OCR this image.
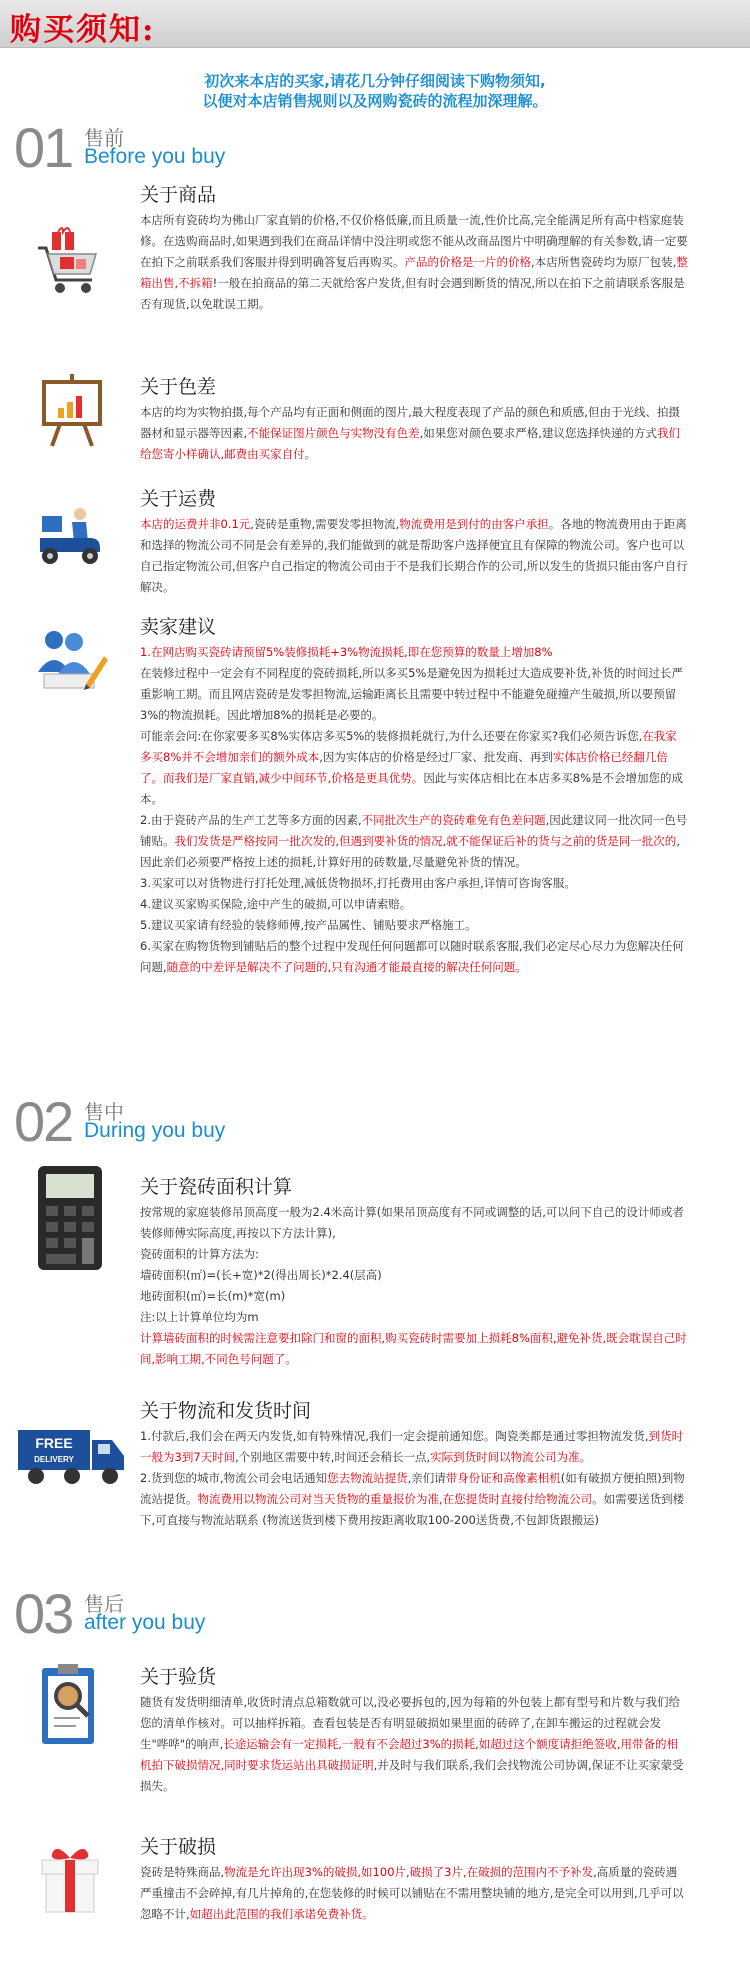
购买须知:
初次来本店的买家,请花几分钟仔细阅读下购物须知,
以便对本店销售规则以及网购瓷砖的流程加深理解。
01 售前
Before you buy
关于商品

本店所有瓷砖均为佛山厂家直销的价格,不仅价格低廉,而且质量一流,性价比高,完全能满足所有高中档家庭装修。在选购商品时,如果遇到我们在商品详情中没注明或您不能从改商品图片中明确理解的有关参数,请一定要在拍下之前联系我们客服并得到明确答复后再购买。产品的价格是一片的价格,本店所售瓷砖均为原厂包装,整箱出售,不拆箱!一般在拍商品的第二天就给客户发货,但有时会遇到断货的情况,所以在拍下之前请联系客服是否有现货,以免耽误工期。

关于色差

本店的均为实物拍摄,每个产品均有正面和侧面的图片,最大程度表现了产品的颜色和质感,但由于光线、拍摄器材和显示器等因素,不能保证图片颜色与实物没有色差,如果您对颜色要求严格,建议您选择快递的方式我们给您寄小样确认,邮费由买家自付。

关于运费

本店的运费并非0.1元,瓷砖是重物,需要发零担物流,物流费用是到付的由客户承担。各地的物流费用由于距离和选择的物流公司不同是会有差异的,我们能做到的就是帮助客户选择便宜且有保障的物流公司。客户也可以自己指定物流公司,但客户自己指定的物流公司由于不是我们长期合作的公司,所以发生的货损只能由客户自行解决。

卖家建议

1.在网店购买瓷砖请预留5%装修损耗+3%物流损耗,即在您预算的数量上增加8%

在装修过程中一定会有不同程度的瓷砖损耗,所以多买5%是避免因为损耗过大造成要补货,补货的时间过长严重影响工期。而且网店瓷砖是发零担物流,运输距离长且需要中转过程中不能避免碰撞产生破损,所以要预留3%的物流损耗。因此增加8%的损耗是必要的。

可能亲会问:在你家要多买8%实体店多买5%的装修损耗就行,为什么还要在你家买?我们必须告诉您,在我家多买8%并不会增加亲们的额外成本,因为实体店的价格是经过厂家、批发商、再到实体店价格已经翻几倍了。而我们是厂家直销,减少中间环节,价格是更具优势。因此与实体店相比在本店多买8%是不会增加您的成本。

2.由于瓷砖产品的生产工艺等多方面的因素,不同批次生产的瓷砖难免有色差问题,因此建议同一批次同一色号铺贴。我们发货是严格按同一批次发的,但遇到要补货的情况,就不能保证后补的货与之前的货是同一批次的,因此亲们必须要严格按上述的损耗,计算好用的砖数量,尽量避免补货的情况。

3.买家可以对货物进行打托处理,减低货物损坏,打托费用由客户承担,详情可咨询客服。

4.建议买家购买保险,途中产生的破损,可以申请索赔。

5.建议买家请有经验的装修师傅,按产品属性、铺贴要求严格施工。

6.买家在购物货物到铺贴后的整个过程中发现任何问题都可以随时联系客服,我们必定尽心尽力为您解决任何问题,随意的中差评是解决不了问题的,只有沟通才能最直接的解决任何问题。

02 售中
During you buy
关于瓷砖面积计算

按常规的家庭装修吊顶高度一般为2.4米高计算(如果吊顶高度有不同或调整的话,可以问下自己的设计师或者装修师傅实际高度,再按以下方法计算),

瓷砖面积的计算方法为:

墙砖面积(㎡)=(长+宽)*2(得出周长)*2.4(层高)

地砖面积(㎡)=长(m)*宽(m)

注:以上计算单位均为m

计算墙砖面积的时候需注意要扣除门和窗的面积,购买瓷砖时需要加上损耗8%面积,避免补货,既会耽误自己时间,影响工期,不同色号问题了。

FREE
DELIVERY
关于物流和发货时间

1.付款后,我们会在两天内发货,如有特殊情况,我们一定会提前通知您。陶瓷类都是通过零担物流发货,到货时一般为3到7天时间,个别地区需要中转,时间还会稍长一点,实际到货时间以物流公司为准。

2.货到您的城市,物流公司会电话通知您去物流站提货,亲们请带身份证和高像素相机(如有破损方便拍照)到物流站提货。物流费用以物流公司对当天货物的重量报价为准,在您提货时直接付给物流公司。如需要送货到楼下,可直接与物流站联系 (物流送货到楼下费用按距离收取100-200送货费,不包卸货跟搬运)

03 售后
after you buy
关于验货

随货有发货明细清单,收货时清点总箱数就可以,没必要拆包的,因为每箱的外包装上都有型号和片数与我们给您的清单作核对。可以抽样拆箱。查看包装是否有明显破损如果里面的砖碎了,在卸车搬运的过程就会发生"哗哗"的响声,长途运输会有一定损耗,一般有不会超过3%的损耗,如超过这个额度请拒绝签收,用带备的相机拍下破损情况,同时要求货运站出具破损证明,并及时与我们联系,我们会找物流公司协调,保证不让买家蒙受损失。

关于破损

瓷砖是特殊商品,物流是允许出现3%的破损,如100片,破损了3片,在破损的范围内不予补发,高质量的瓷砖遇严重撞击不会碎掉,有几片掉角的,在您装修的时候可以铺贴在不需用整块铺的地方,是完全可以用到,几乎可以忽略不计,如超出此范围的我们承诺免费补货。
